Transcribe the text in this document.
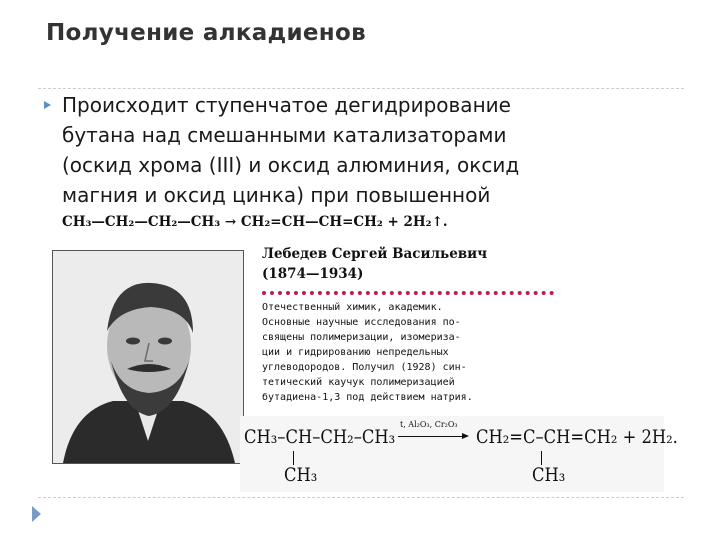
Получение алкадиенов
Происходит ступенчатое дегидрирование
бутана над смешанными катализаторами
(оскид хрома (III) и оксид алюминия, оксид
магния и оксид цинка) при повышенной
CH₃—CH₂—CH₂—CH₃ → CH₂=CH—CH=CH₂ + 2H₂↑.
Лебедев Сергей Васильевич
(1874—1934)
Отечественный химик, академик.
Основные научные исследования по-
священы полимеризации, изомериза-
ции и гидрированию непредельных
углеводородов. Получил (1928) син-
тетический каучук полимеризацией
бутадиена-1,3 под действием натрия.
CH₃–CH–CH₂–CH₃
CH₃
t, Al₂O₃, Cr₂O₃
CH₂=C–CH=CH₂ + 2H₂.
CH₃
